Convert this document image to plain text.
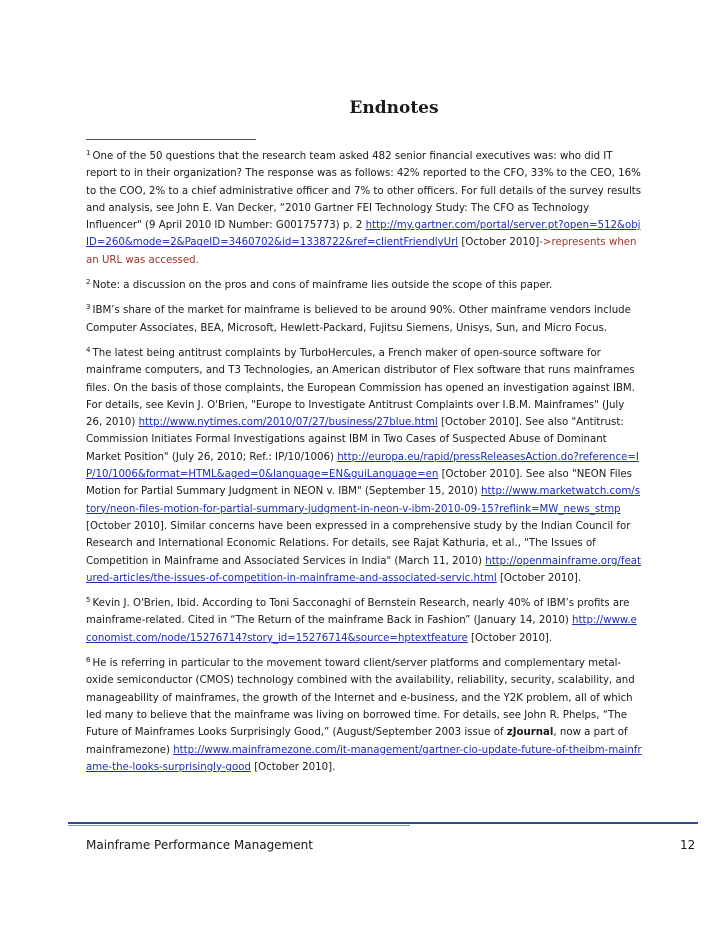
Endnotes

$^1$ One of the 50 questions that the research team asked 482 senior financial executives was: who did IT report to in their organization? The response was as follows: 42% reported to the CFO, 33% to the CEO, 16% to the COO, 2% to a chief administrative officer and 7% to other officers. For full details of the survey results and analysis, see John E. Van Decker, “2010 Gartner FEI Technology Study: The CFO as Technology Influencer" (9 April 2010 ID Number: G00175773) p. 2 http://my.gartner.com/portal/server.pt?open=512&objID=260&mode=2&PageID=3460702&id=1338722&ref=clientFriendlyUrl [October 2010]->represents when an URL was accessed.

$^2$ Note: a discussion on the pros and cons of mainframe lies outside the scope of this paper.

$^3$ IBM’s share of the market for mainframe is believed to be around 90%. Other mainframe vendors include Computer Associates, BEA, Microsoft, Hewlett-Packard, Fujitsu Siemens, Unisys, Sun, and Micro Focus.

$^4$ The latest being antitrust complaints by TurboHercules, a French maker of open-source software for mainframe computers, and T3 Technologies, an American distributor of Flex software that runs mainframes files. On the basis of those complaints, the European Commission has opened an investigation against IBM. For details, see Kevin J. O'Brien, "Europe to Investigate Antitrust Complaints over I.B.M. Mainframes" (July 26, 2010) http://www.nytimes.com/2010/07/27/business/27blue.html [October 2010]. See also "Antitrust: Commission Initiates Formal Investigations against IBM in Two Cases of Suspected Abuse of Dominant Market Position" (July 26, 2010; Ref.: IP/10/1006) http://europa.eu/rapid/pressReleasesAction.do?reference=IP/10/1006&format=HTML&aged=0&language=EN&guiLanguage=en [October 2010]. See also "NEON Files Motion for Partial Summary Judgment in NEON v. IBM" (September 15, 2010) http://www.marketwatch.com/story/neon-files-motion-for-partial-summary-judgment-in-neon-v-ibm-2010-09-15?reflink=MW_news_stmp [October 2010]. Similar concerns have been expressed in a comprehensive study by the Indian Council for Research and International Economic Relations. For details, see Rajat Kathuria, et al., "The Issues of Competition in Mainframe and Associated Services in India" (March 11, 2010) http://openmainframe.org/featured-articles/the-issues-of-competition-in-mainframe-and-associated-servic.html [October 2010].

$^5$ Kevin J. O'Brien, Ibid. According to Toni Sacconaghi of Bernstein Research, nearly 40% of IBM’s profits are mainframe-related. Cited in “The Return of the mainframe Back in Fashion” (January 14, 2010) http://www.economist.com/node/15276714?story_id=15276714&source=hptextfeature [October 2010].

$^6$ He is referring in particular to the movement toward client/server platforms and complementary metal-oxide semiconductor (CMOS) technology combined with the availability, reliability, security, scalability, and manageability of mainframes, the growth of the Internet and e-business, and the Y2K problem, all of which led many to believe that the mainframe was living on borrowed time. For details, see John R. Phelps, “The Future of Mainframes Looks Surprisingly Good,” (August/September 2003 issue of zJournal, now a part of mainframezone) http://www.mainframezone.com/it-management/gartner-cio-update-future-of-theibm-mainframe-the-looks-surprisingly-good [October 2010].

Mainframe Performance Management	12
